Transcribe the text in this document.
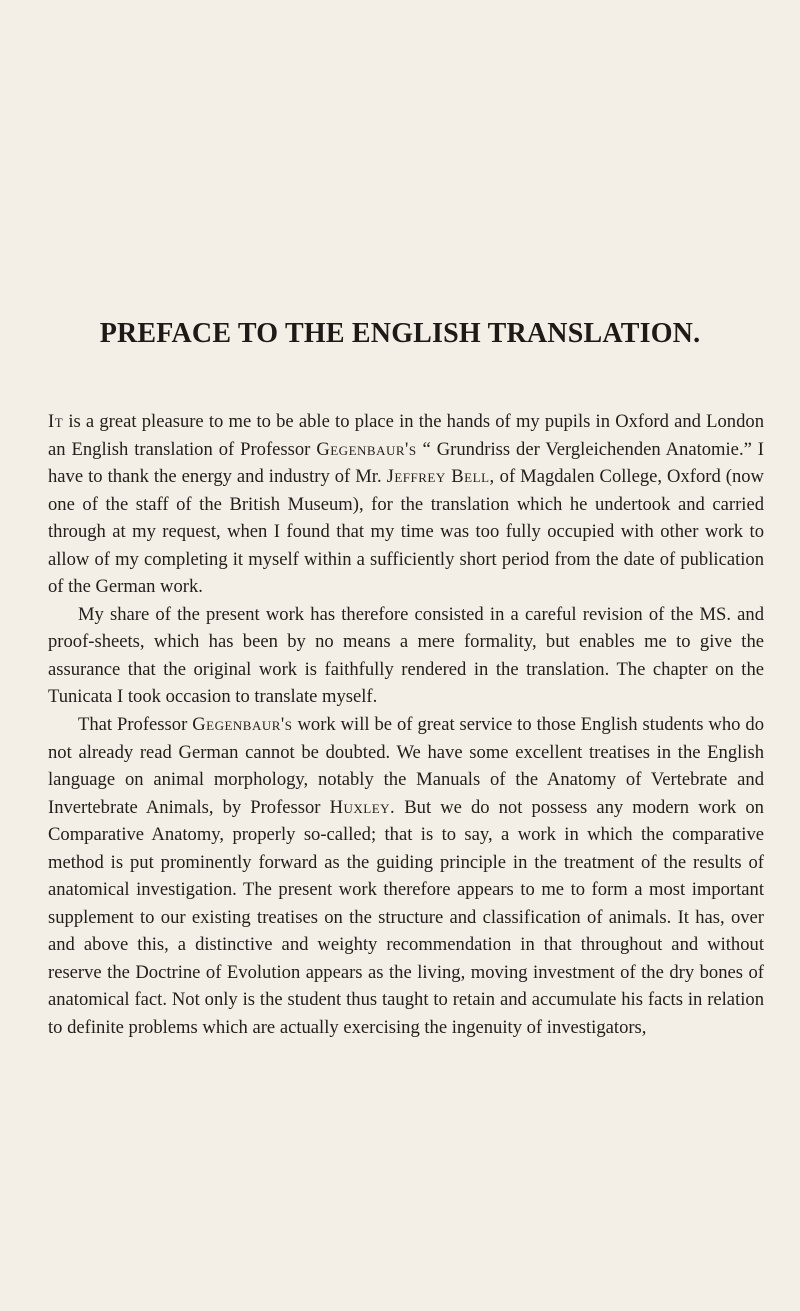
PREFACE TO THE ENGLISH TRANSLATION.

It is a great pleasure to me to be able to place in the hands of my pupils in Oxford and London an English translation of Professor Gegenbaur's “ Grundriss der Vergleichenden Anatomie.” I have to thank the energy and industry of Mr. Jeffrey Bell, of Magdalen College, Oxford (now one of the staff of the British Museum), for the translation which he undertook and carried through at my request, when I found that my time was too fully occupied with other work to allow of my completing it myself within a sufficiently short period from the date of publication of the German work.

My share of the present work has therefore consisted in a careful revision of the MS. and proof-sheets, which has been by no means a mere formality, but enables me to give the assurance that the original work is faithfully rendered in the translation. The chapter on the Tunicata I took occasion to translate myself.

That Professor Gegenbaur's work will be of great service to those English students who do not already read German cannot be doubted. We have some excellent treatises in the English language on animal morphology, notably the Manuals of the Anatomy of Vertebrate and Invertebrate Animals, by Professor Huxley. But we do not possess any modern work on Comparative Anatomy, properly so-called; that is to say, a work in which the comparative method is put prominently forward as the guiding principle in the treatment of the results of anatomical investigation. The present work therefore appears to me to form a most important supplement to our existing treatises on the structure and classification of animals. It has, over and above this, a distinctive and weighty recommendation in that throughout and without reserve the Doctrine of Evolution appears as the living, moving investment of the dry bones of anatomical fact. Not only is the student thus taught to retain and accumulate his facts in relation to definite problems which are actually exercising the ingenuity of investigators,
